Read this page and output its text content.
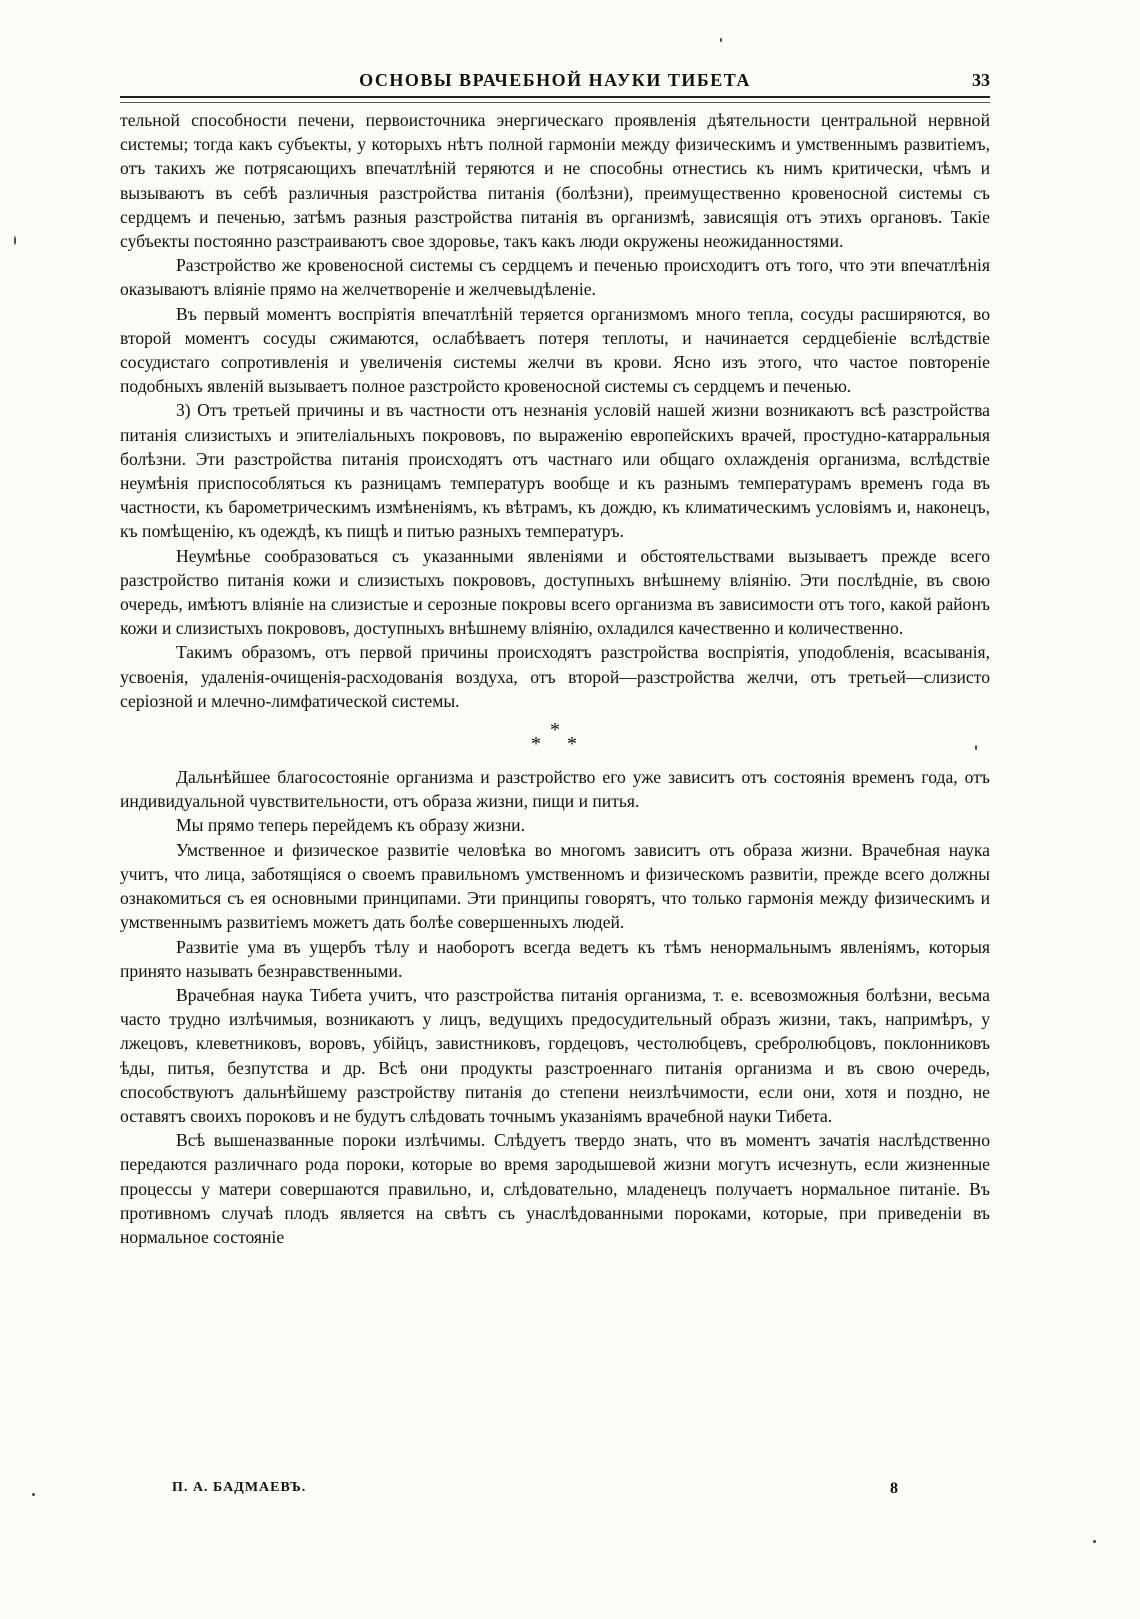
ОСНОВЫ ВРАЧЕБНОЙ НАУКИ ТИБЕТА	33

тельной способности печени, первоисточника энергическаго проявленія дѣятельности центральной нервной системы; тогда какъ субъекты, у которыхъ нѣтъ полной гармоніи между физическимъ и умственнымъ развитіемъ, отъ такихъ же потрясающихъ впечатлѣній теряются и не способны отнестись къ нимъ критически, чѣмъ и вызываютъ въ себѣ различныя разстройства питанія (болѣзни), преимущественно кровеносной системы съ сердцемъ и печенью, затѣмъ разныя разстройства питанія въ организмѣ, зависящія отъ этихъ органовъ. Такіе субъекты постоянно разстраиваютъ свое здоровье, такъ какъ люди окружены неожиданностями.

Разстройство же кровеносной системы съ сердцемъ и печенью происходитъ отъ того, что эти впечатлѣнія оказываютъ вліяніе прямо на желчетвореніе и желчевыдѣленіе.

Въ первый моментъ воспріятія впечатлѣній теряется организмомъ много тепла, сосуды расширяются, во второй моментъ сосуды сжимаются, ослабѣваетъ потеря теплоты, и начинается сердцебіеніе вслѣдствіе сосудистаго сопротивленія и увеличенія системы желчи въ крови. Ясно изъ этого, что частое повтореніе подобныхъ явленій вызываетъ полное разстройсто кровеносной системы съ сердцемъ и печенью.

3) Отъ третьей причины и въ частности отъ незнанія условій нашей жизни возникаютъ всѣ разстройства питанія слизистыхъ и эпителіальныхъ покрововъ, по выраженію европейскихъ врачей, простудно-катарральныя болѣзни. Эти разстройства питанія происходятъ отъ частнаго или общаго охлажденія организма, вслѣдствіе неумѣнія приспособляться къ разницамъ температуръ вообще и къ разнымъ температурамъ временъ года въ частности, къ барометрическимъ измѣненіямъ, къ вѣтрамъ, къ дождю, къ климатическимъ условіямъ и, наконецъ, къ помѣщенію, къ одеждѣ, къ пищѣ и питью разныхъ температуръ.

Неумѣнье сообразоваться съ указанными явленіями и обстоятельствами вызываетъ прежде всего разстройство питанія кожи и слизистыхъ покрововъ, доступныхъ внѣшнему вліянію. Эти послѣдніе, въ свою очередь, имѣютъ вліяніе на слизистые и серозные покровы всего организма въ зависимости отъ того, какой районъ кожи и слизистыхъ покрововъ, доступныхъ внѣшнему вліянію, охладился качественно и количественно.

Такимъ образомъ, отъ первой причины происходятъ разстройства воспріятія, уподобленія, всасыванія, усвоенія, удаленія-очищенія-расходованія воздуха, отъ второй—разстройства желчи, отъ третьей—слизисто серіозной и млечно-лимфатической системы.

*
* *

Дальнѣйшее благосостояніе организма и разстройство его уже зависитъ отъ состоянія временъ года, отъ индивидуальной чувствительности, отъ образа жизни, пищи и питья.

Мы прямо теперь перейдемъ къ образу жизни.

Умственное и физическое развитіе человѣка во многомъ зависитъ отъ образа жизни. Врачебная наука учитъ, что лица, заботящіяся о своемъ правильномъ умственномъ и физическомъ развитіи, прежде всего должны ознакомиться съ ея основными принципами. Эти принципы говорятъ, что только гармонія между физическимъ и умственнымъ развитіемъ можетъ дать болѣе совершенныхъ людей.

Развитіе ума въ ущербъ тѣлу и наоборотъ всегда ведетъ къ тѣмъ ненормальнымъ явленіямъ, которыя принято называть безнравственными.

Врачебная наука Тибета учитъ, что разстройства питанія организма, т. е. всевозможныя болѣзни, весьма часто трудно излѣчимыя, возникаютъ у лицъ, ведущихъ предосудительный образъ жизни, такъ, напримѣръ, у лжецовъ, клеветниковъ, воровъ, убійцъ, завистниковъ, гордецовъ, честолюбцевъ, сребролюбцовъ, поклонниковъ ѣды, питья, безпутства и др. Всѣ они продукты разстроеннаго питанія организма и въ свою очередь, способствуютъ дальнѣйшему разстройству питанія до степени неизлѣчимости, если они, хотя и поздно, не оставятъ своихъ пороковъ и не будутъ слѣдовать точнымъ указаніямъ врачебной науки Тибета.

Всѣ вышеназванные пороки излѣчимы. Слѣдуетъ твердо знать, что въ моментъ зачатія наслѣдственно передаются различнаго рода пороки, которые во время зародышевой жизни могутъ исчезнуть, если жизненные процессы у матери совершаются правильно, и, слѣдовательно, младенецъ получаетъ нормальное питаніе. Въ противномъ случаѣ плодъ является на свѣтъ съ унаслѣдованными пороками, которые, при приведеніи въ нормальное состояніе

П. А. БАДМАЕВЪ.	8
